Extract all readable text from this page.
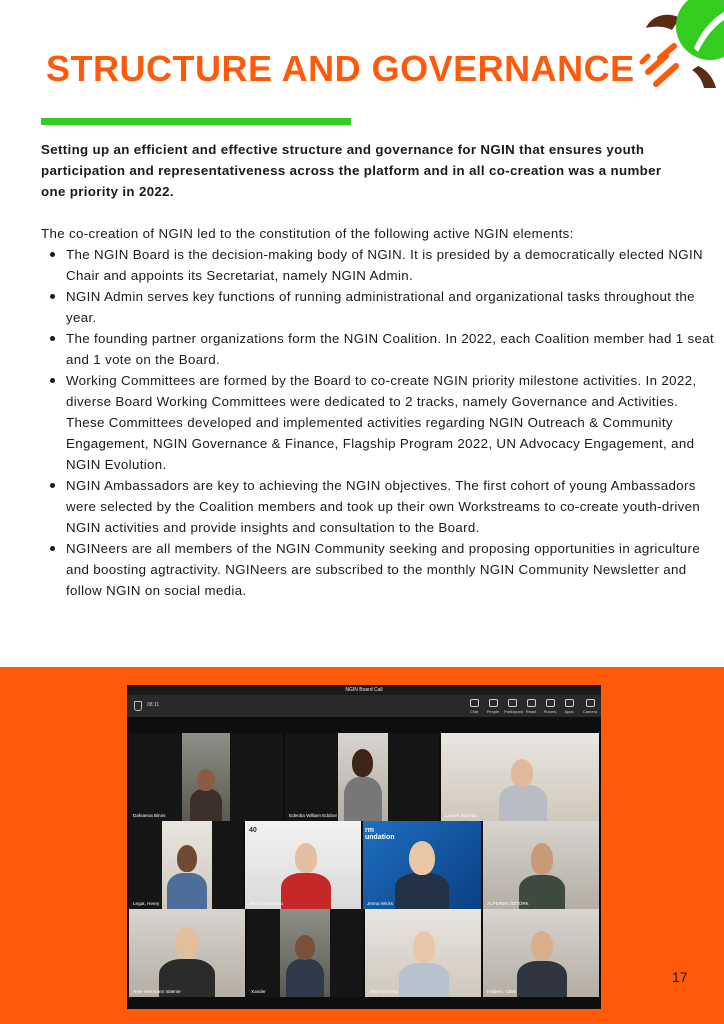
STRUCTURE AND GOVERNANCE

Setting up an efficient and effective structure and governance for NGIN that ensures youth participation and representativeness across the platform and in all co-creation was a number one priority in 2022.

The co-creation of NGIN led to the constitution of the following active NGIN elements:

The NGIN Board is the decision-making body of NGIN. It is presided by a democratically elected NGIN Chair and appoints its Secretariat, namely NGIN Admin.
NGIN Admin serves key functions of running administrational and organizational tasks throughout the year.
The founding partner organizations form the NGIN Coalition. In 2022, each Coalition member had 1 seat and 1 vote on the Board.
Working Committees are formed by the Board to co-create NGIN priority milestone activities. In 2022, diverse Board Working Committees were dedicated to 2 tracks, namely Governance and Activities. These Committees developed and implemented activities regarding NGIN Outreach & Community Engagement, NGIN Governance & Finance, Flagship Program 2022, UN Advocacy Engagement, and NGIN Evolution.
NGIN Ambassadors are key to achieving the NGIN objectives. The first cohort of young Ambassadors were selected by the Coalition members and took up their own Workstreams to co-create youth-driven NGIN activities and provide insights and consultation to the Board.
NGINeers are all members of the NGIN Community seeking and proposing opportunities in agriculture and boosting agtractivity. NGINeers are subscribed to the monthly NGIN Community Newsletter and follow NGIN on social media.
NGIN Board Call
08:11
Chat	People	Participant React	Rooms	Apps	Camera
Dahianna Binns	Edeoba William Edobor	Lauren Barredo
Legat, Henry
40
Silvia Castellano
rm
undation
Jenna Wicks	ALPEREN ÖZTÜRK
Nele Herrmann Valente	Xander	Silke Bammitz	Halpern, Clark
17
